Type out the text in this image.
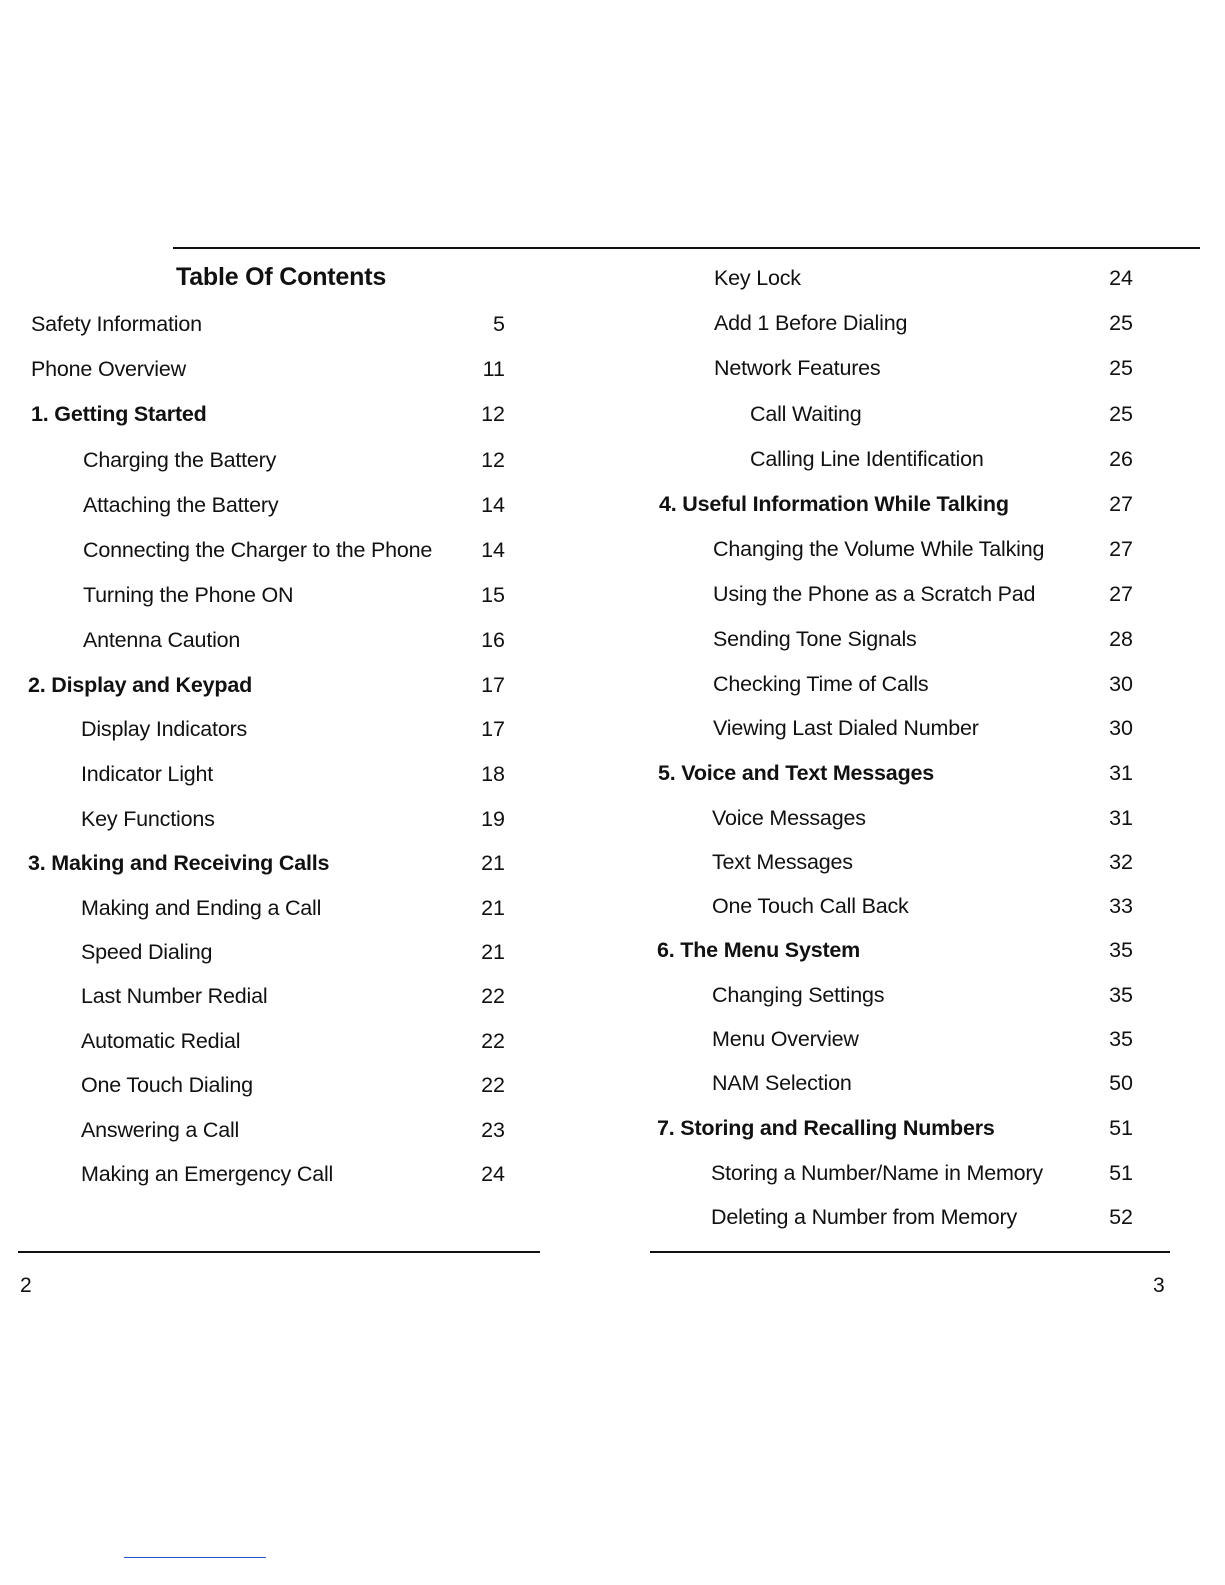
Table Of Contents
Safety Information	5
Phone Overview	11
1. Getting Started	12
Charging the Battery	12
Attaching the Battery	14
Connecting the Charger to the Phone 14
Turning the Phone ON	15
Antenna Caution	16
2. Display and Keypad	17
Display Indicators	17
Indicator Light	18
Key Functions	19
3. Making and Receiving Calls	21
Making and Ending a Call	21
Speed Dialing	21
Last Number Redial	22
Automatic Redial	22
One Touch Dialing	22
Answering a Call	23
Making an Emergency Call	24
Key Lock	24
Add 1 Before Dialing	25
Network Features	25
Call Waiting	25
Calling Line Identification	26
4. Useful Information While Talking	27
Changing the Volume While Talking	27
Using the Phone as a Scratch Pad	27
Sending Tone Signals	28
Checking Time of Calls	30
Viewing Last Dialed Number	30
5. Voice and Text Messages	31
Voice Messages	31
Text Messages	32
One Touch Call Back	33
6. The Menu System	35
Changing Settings	35
Menu Overview	35
NAM Selection	50
7. Storing and Recalling Numbers	51
Storing a Number/Name in Memory	51
Deleting a Number from Memory	52
2	3
